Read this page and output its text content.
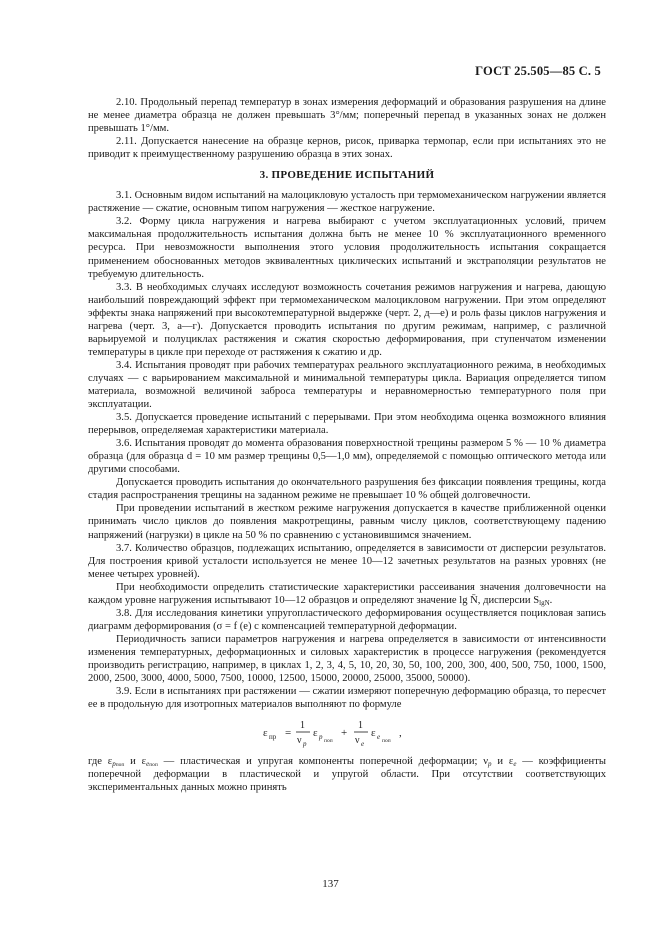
ГОСТ 25.505—85 С. 5

2.10. Продольный перепад температур в зонах измерения деформаций и образования разрушения на длине не менее диаметра образца не должен превышать 3°/мм; поперечный перепад в указанных зонах не должен превышать 1°/мм.

2.11. Допускается нанесение на образце кернов, рисок, приварка термопар, если при испытаниях это не приводит к преимущественному разрушению образца в этих зонах.

3. ПРОВЕДЕНИЕ ИСПЫТАНИЙ

3.1. Основным видом испытаний на малоцикловую усталость при термомеханическом нагружении является растяжение — сжатие, основным типом нагружения — жесткое нагружение.

3.2. Форму цикла нагружения и нагрева выбирают с учетом эксплуатационных условий, причем максимальная продолжительность испытания должна быть не менее 10 % эксплуатационного временного ресурса. При невозможности выполнения этого условия продолжительность испытания сокращается применением обоснованных методов эквивалентных циклических испытаний и экстраполяции результатов не требуемую длительность.

3.3. В необходимых случаях исследуют возможность сочетания режимов нагружения и нагрева, дающую наибольший повреждающий эффект при термомеханическом малоцикловом нагружении. При этом определяют эффекты знака напряжений при высокотемпературной выдержке (черт. 2, д—е) и роль фазы циклов нагружения и нагрева (черт. 3, а—г). Допускается проводить испытания по другим режимам, например, с различной варьируемой и полуциклах растяжения и сжатия скоростью деформирования, при ступенчатом изменении температуры в цикле при переходе от растяжения к сжатию и др.

3.4. Испытания проводят при рабочих температурах реального эксплуатационного режима, в необходимых случаях — с варьированием максимальной и минимальной температуры цикла. Вариация определяется типом материала, возможной величиной заброса температуры и неравномерностью температурного поля при эксплуатации.

3.5. Допускается проведение испытаний с перерывами. При этом необходима оценка возможного влияния перерывов, определяемая характеристики материала.

3.6. Испытания проводят до момента образования поверхностной трещины размером 5 % — 10 % диаметра образца (для образца d = 10 мм размер трещины 0,5—1,0 мм), определяемой с помощью оптического метода или другими способами.

Допускается проводить испытания до окончательного разрушения без фиксации появления трещины, когда стадия распространения трещины на заданном режиме не превышает 10 % общей долговечности.

При проведении испытаний в жестком режиме нагружения допускается в качестве приближенной оценки принимать число циклов до появления макротрещины, равным числу циклов, соответствующему падению напряжений (нагрузки) в цикле на 50 % по сравнению с установившимся значением.

3.7. Количество образцов, подлежащих испытанию, определяется в зависимости от дисперсии результатов. Для построения кривой усталости используется не менее 10—12 зачетных результатов на разных уровнях (не менее четырех уровней).

При необходимости определить статистические характеристики рассеивания значения долговечности на каждом уровне нагружения испытывают 10—12 образцов и определяют значение lg N̄, дисперсии $S_{lgN}$.

3.8. Для исследования кинетики упругопластического деформирования осуществляется поцикловая запись диаграмм деформирования (σ = f (e) с компенсацией температурной деформации.

Периодичность записи параметров нагружения и нагрева определяется в зависимости от интенсивности изменения температурных, деформационных и силовых характеристик в процессе нагружения (рекомендуется производить регистрацию, например, в циклах 1, 2, 3, 4, 5, 10, 20, 30, 50, 100, 200, 300, 400, 500, 750, 1000, 1500, 2000, 2500, 3000, 4000, 5000, 7500, 10000, 12500, 15000, 20000, 25000, 35000, 50000).

3.9. Если в испытаниях при растяжении — сжатии измеряют поперечную деформацию образца, то пересчет ее в продольную для изотропных материалов выполняют по формуле

ε пр =
1
ν p
ε p поп
+
1
ν e
ε e поп
,

где $\varepsilon_{pпоп}$ и $\varepsilon_{eпоп}$ — пластическая и упругая компоненты поперечной деформации; $\nu_p$ и $\varepsilon_e$ — коэффициенты поперечной деформации в пластической и упругой области. При отсутствии соответствующих экспериментальных данных можно принять

137
